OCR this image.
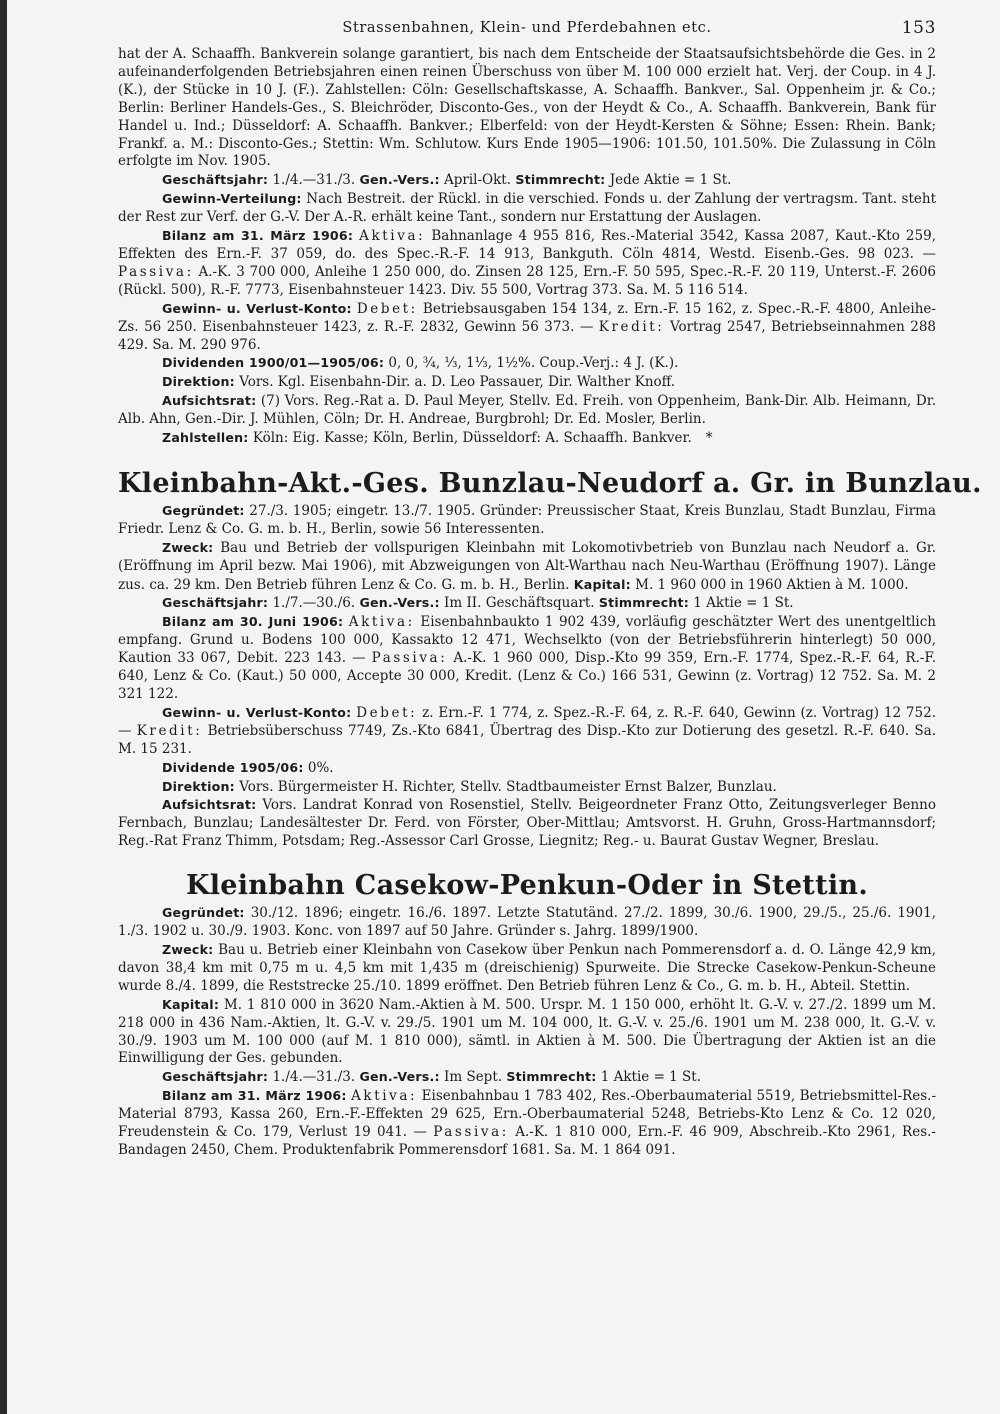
Strassenbahnen, Klein- und Pferdebahnen etc.	153

hat der A. Schaaffh. Bankverein solange garantiert, bis nach dem Entscheide der Staatsaufsichtsbehörde die Ges. in 2 aufeinanderfolgenden Betriebsjahren einen reinen Überschuss von über M. 100 000 erzielt hat. Verj. der Coup. in 4 J. (K.), der Stücke in 10 J. (F.). Zahlstellen: Cöln: Gesellschaftskasse, A. Schaaffh. Bankver., Sal. Oppenheim jr. & Co.; Berlin: Berliner Handels-Ges., S. Bleichröder, Disconto-Ges., von der Heydt & Co., A. Schaaffh. Bankverein, Bank für Handel u. Ind.; Düsseldorf: A. Schaaffh. Bankver.; Elberfeld: von der Heydt-Kersten & Söhne; Essen: Rhein. Bank; Frankf. a. M.: Disconto-Ges.; Stettin: Wm. Schlutow. Kurs Ende 1905—1906: 101.50, 101.50%. Die Zulassung in Cöln erfolgte im Nov. 1905.

Geschäftsjahr: 1./4.—31./3. Gen.-Vers.: April-Okt. Stimmrecht: Jede Aktie = 1 St.

Gewinn-Verteilung: Nach Bestreit. der Rückl. in die verschied. Fonds u. der Zahlung der vertragsm. Tant. steht der Rest zur Verf. der G.-V. Der A.-R. erhält keine Tant., sondern nur Erstattung der Auslagen.

Bilanz am 31. März 1906: Aktiva: Bahnanlage 4 955 816, Res.-Material 3542, Kassa 2087, Kaut.-Kto 259, Effekten des Ern.-F. 37 059, do. des Spec.-R.-F. 14 913, Bankguth. Cöln 4814, Westd. Eisenb.-Ges. 98 023. — Passiva: A.-K. 3 700 000, Anleihe 1 250 000, do. Zinsen 28 125, Ern.-F. 50 595, Spec.-R.-F. 20 119, Unterst.-F. 2606 (Rückl. 500), R.-F. 7773, Eisenbahnsteuer 1423. Div. 55 500, Vortrag 373. Sa. M. 5 116 514.

Gewinn- u. Verlust-Konto: Debet: Betriebsausgaben 154 134, z. Ern.-F. 15 162, z. Spec.-R.-F. 4800, Anleihe-Zs. 56 250. Eisenbahnsteuer 1423, z. R.-F. 2832, Gewinn 56 373. — Kredit: Vortrag 2547, Betriebseinnahmen 288 429. Sa. M. 290 976.

Dividenden 1900/01—1905/06: 0, 0, ¾, ⅓, 1⅓, 1½%. Coup.-Verj.: 4 J. (K.).

Direktion: Vors. Kgl. Eisenbahn-Dir. a. D. Leo Passauer, Dir. Walther Knoff.

Aufsichtsrat: (7) Vors. Reg.-Rat a. D. Paul Meyer, Stellv. Ed. Freih. von Oppenheim, Bank-Dir. Alb. Heimann, Dr. Alb. Ahn, Gen.-Dir. J. Mühlen, Cöln; Dr. H. Andreae, Burgbrohl; Dr. Ed. Mosler, Berlin.

Zahlstellen: Köln: Eig. Kasse; Köln, Berlin, Düsseldorf: A. Schaaffh. Bankver. *

Kleinbahn-Akt.-Ges. Bunzlau-Neudorf a. Gr. in Bunzlau.

Gegründet: 27./3. 1905; eingetr. 13./7. 1905. Gründer: Preussischer Staat, Kreis Bunzlau, Stadt Bunzlau, Firma Friedr. Lenz & Co. G. m. b. H., Berlin, sowie 56 Interessenten.

Zweck: Bau und Betrieb der vollspurigen Kleinbahn mit Lokomotivbetrieb von Bunzlau nach Neudorf a. Gr. (Eröffnung im April bezw. Mai 1906), mit Abzweigungen von Alt-Warthau nach Neu-Warthau (Eröffnung 1907). Länge zus. ca. 29 km. Den Betrieb führen Lenz & Co. G. m. b. H., Berlin. Kapital: M. 1 960 000 in 1960 Aktien à M. 1000.

Geschäftsjahr: 1./7.—30./6. Gen.-Vers.: Im II. Geschäftsquart. Stimmrecht: 1 Aktie = 1 St.

Bilanz am 30. Juni 1906: Aktiva: Eisenbahnbaukto 1 902 439, vorläufig geschätzter Wert des unentgeltlich empfang. Grund u. Bodens 100 000, Kassakto 12 471, Wechselkto (von der Betriebsführerin hinterlegt) 50 000, Kaution 33 067, Debit. 223 143. — Passiva: A.-K. 1 960 000, Disp.-Kto 99 359, Ern.-F. 1774, Spez.-R.-F. 64, R.-F. 640, Lenz & Co. (Kaut.) 50 000, Accepte 30 000, Kredit. (Lenz & Co.) 166 531, Gewinn (z. Vortrag) 12 752. Sa. M. 2 321 122.

Gewinn- u. Verlust-Konto: Debet: z. Ern.-F. 1 774, z. Spez.-R.-F. 64, z. R.-F. 640, Gewinn (z. Vortrag) 12 752. — Kredit: Betriebsüberschuss 7749, Zs.-Kto 6841, Übertrag des Disp.-Kto zur Dotierung des gesetzl. R.-F. 640. Sa. M. 15 231.

Dividende 1905/06: 0%.

Direktion: Vors. Bürgermeister H. Richter, Stellv. Stadtbaumeister Ernst Balzer, Bunzlau.

Aufsichtsrat: Vors. Landrat Konrad von Rosenstiel, Stellv. Beigeordneter Franz Otto, Zeitungsverleger Benno Fernbach, Bunzlau; Landesältester Dr. Ferd. von Förster, Ober-Mittlau; Amtsvorst. H. Gruhn, Gross-Hartmannsdorf; Reg.-Rat Franz Thimm, Potsdam; Reg.-Assessor Carl Grosse, Liegnitz; Reg.- u. Baurat Gustav Wegner, Breslau.

Kleinbahn Casekow-Penkun-Oder in Stettin.

Gegründet: 30./12. 1896; eingetr. 16./6. 1897. Letzte Statutänd. 27./2. 1899, 30./6. 1900, 29./5., 25./6. 1901, 1./3. 1902 u. 30./9. 1903. Konc. von 1897 auf 50 Jahre. Gründer s. Jahrg. 1899/1900.

Zweck: Bau u. Betrieb einer Kleinbahn von Casekow über Penkun nach Pommerensdorf a. d. O. Länge 42,9 km, davon 38,4 km mit 0,75 m u. 4,5 km mit 1,435 m (dreischienig) Spurweite. Die Strecke Casekow-Penkun-Scheune wurde 8./4. 1899, die Reststrecke 25./10. 1899 eröffnet. Den Betrieb führen Lenz & Co., G. m. b. H., Abteil. Stettin.

Kapital: M. 1 810 000 in 3620 Nam.-Aktien à M. 500. Urspr. M. 1 150 000, erhöht lt. G.-V. v. 27./2. 1899 um M. 218 000 in 436 Nam.-Aktien, lt. G.-V. v. 29./5. 1901 um M. 104 000, lt. G.-V. v. 25./6. 1901 um M. 238 000, lt. G.-V. v. 30./9. 1903 um M. 100 000 (auf M. 1 810 000), sämtl. in Aktien à M. 500. Die Übertragung der Aktien ist an die Einwilligung der Ges. gebunden.

Geschäftsjahr: 1./4.—31./3. Gen.-Vers.: Im Sept. Stimmrecht: 1 Aktie = 1 St.

Bilanz am 31. März 1906: Aktiva: Eisenbahnbau 1 783 402, Res.-Oberbaumaterial 5519, Betriebsmittel-Res.-Material 8793, Kassa 260, Ern.-F.-Effekten 29 625, Ern.-Oberbaumaterial 5248, Betriebs-Kto Lenz & Co. 12 020, Freudenstein & Co. 179, Verlust 19 041. — Passiva: A.-K. 1 810 000, Ern.-F. 46 909, Abschreib.-Kto 2961, Res.-Bandagen 2450, Chem. Produktenfabrik Pommerensdorf 1681. Sa. M. 1 864 091.
